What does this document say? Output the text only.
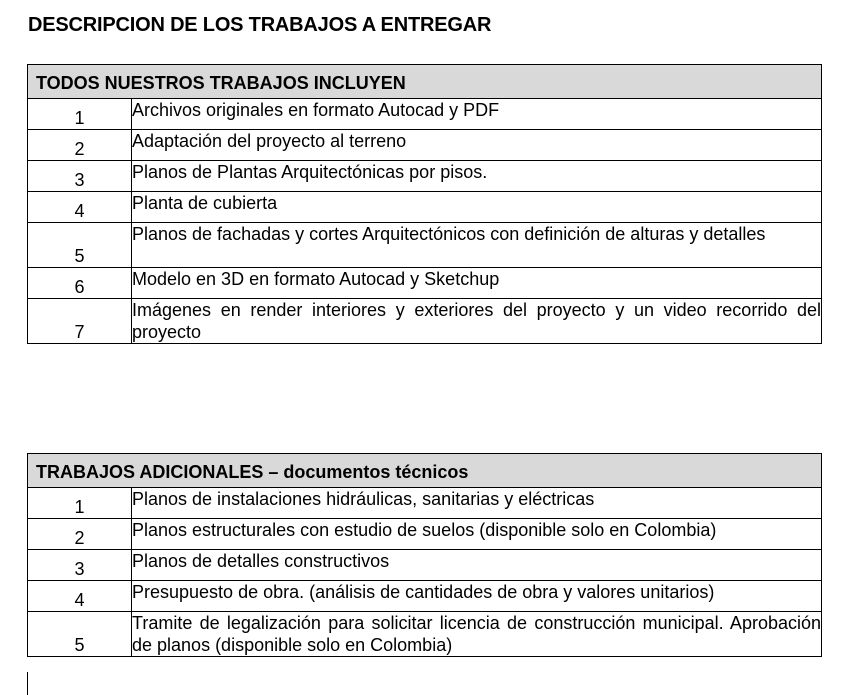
DESCRIPCION DE LOS TRABAJOS A ENTREGAR
TODOS NUESTROS TRABAJOS INCLUYEN	
1	Archivos originales en formato Autocad y PDF
2	Adaptación del proyecto al terreno
3	Planos de Plantas Arquitectónicas por pisos.
4	Planta de cubierta
5	Planos de fachadas y cortes Arquitectónicos con definición de alturas y detalles
6	Modelo en 3D en formato Autocad y Sketchup
7	Imágenes en render interiores y exteriores del proyecto y un video recorrido del proyecto
TRABAJOS ADICIONALES – documentos técnicos	
1	Planos de instalaciones hidráulicas, sanitarias y eléctricas
2	Planos estructurales con estudio de suelos (disponible solo en Colombia)
3	Planos de detalles constructivos
4	Presupuesto de obra. (análisis de cantidades de obra y valores unitarios)
5	Tramite de legalización para solicitar licencia de construcción municipal. Aprobación de planos (disponible solo en Colombia)
